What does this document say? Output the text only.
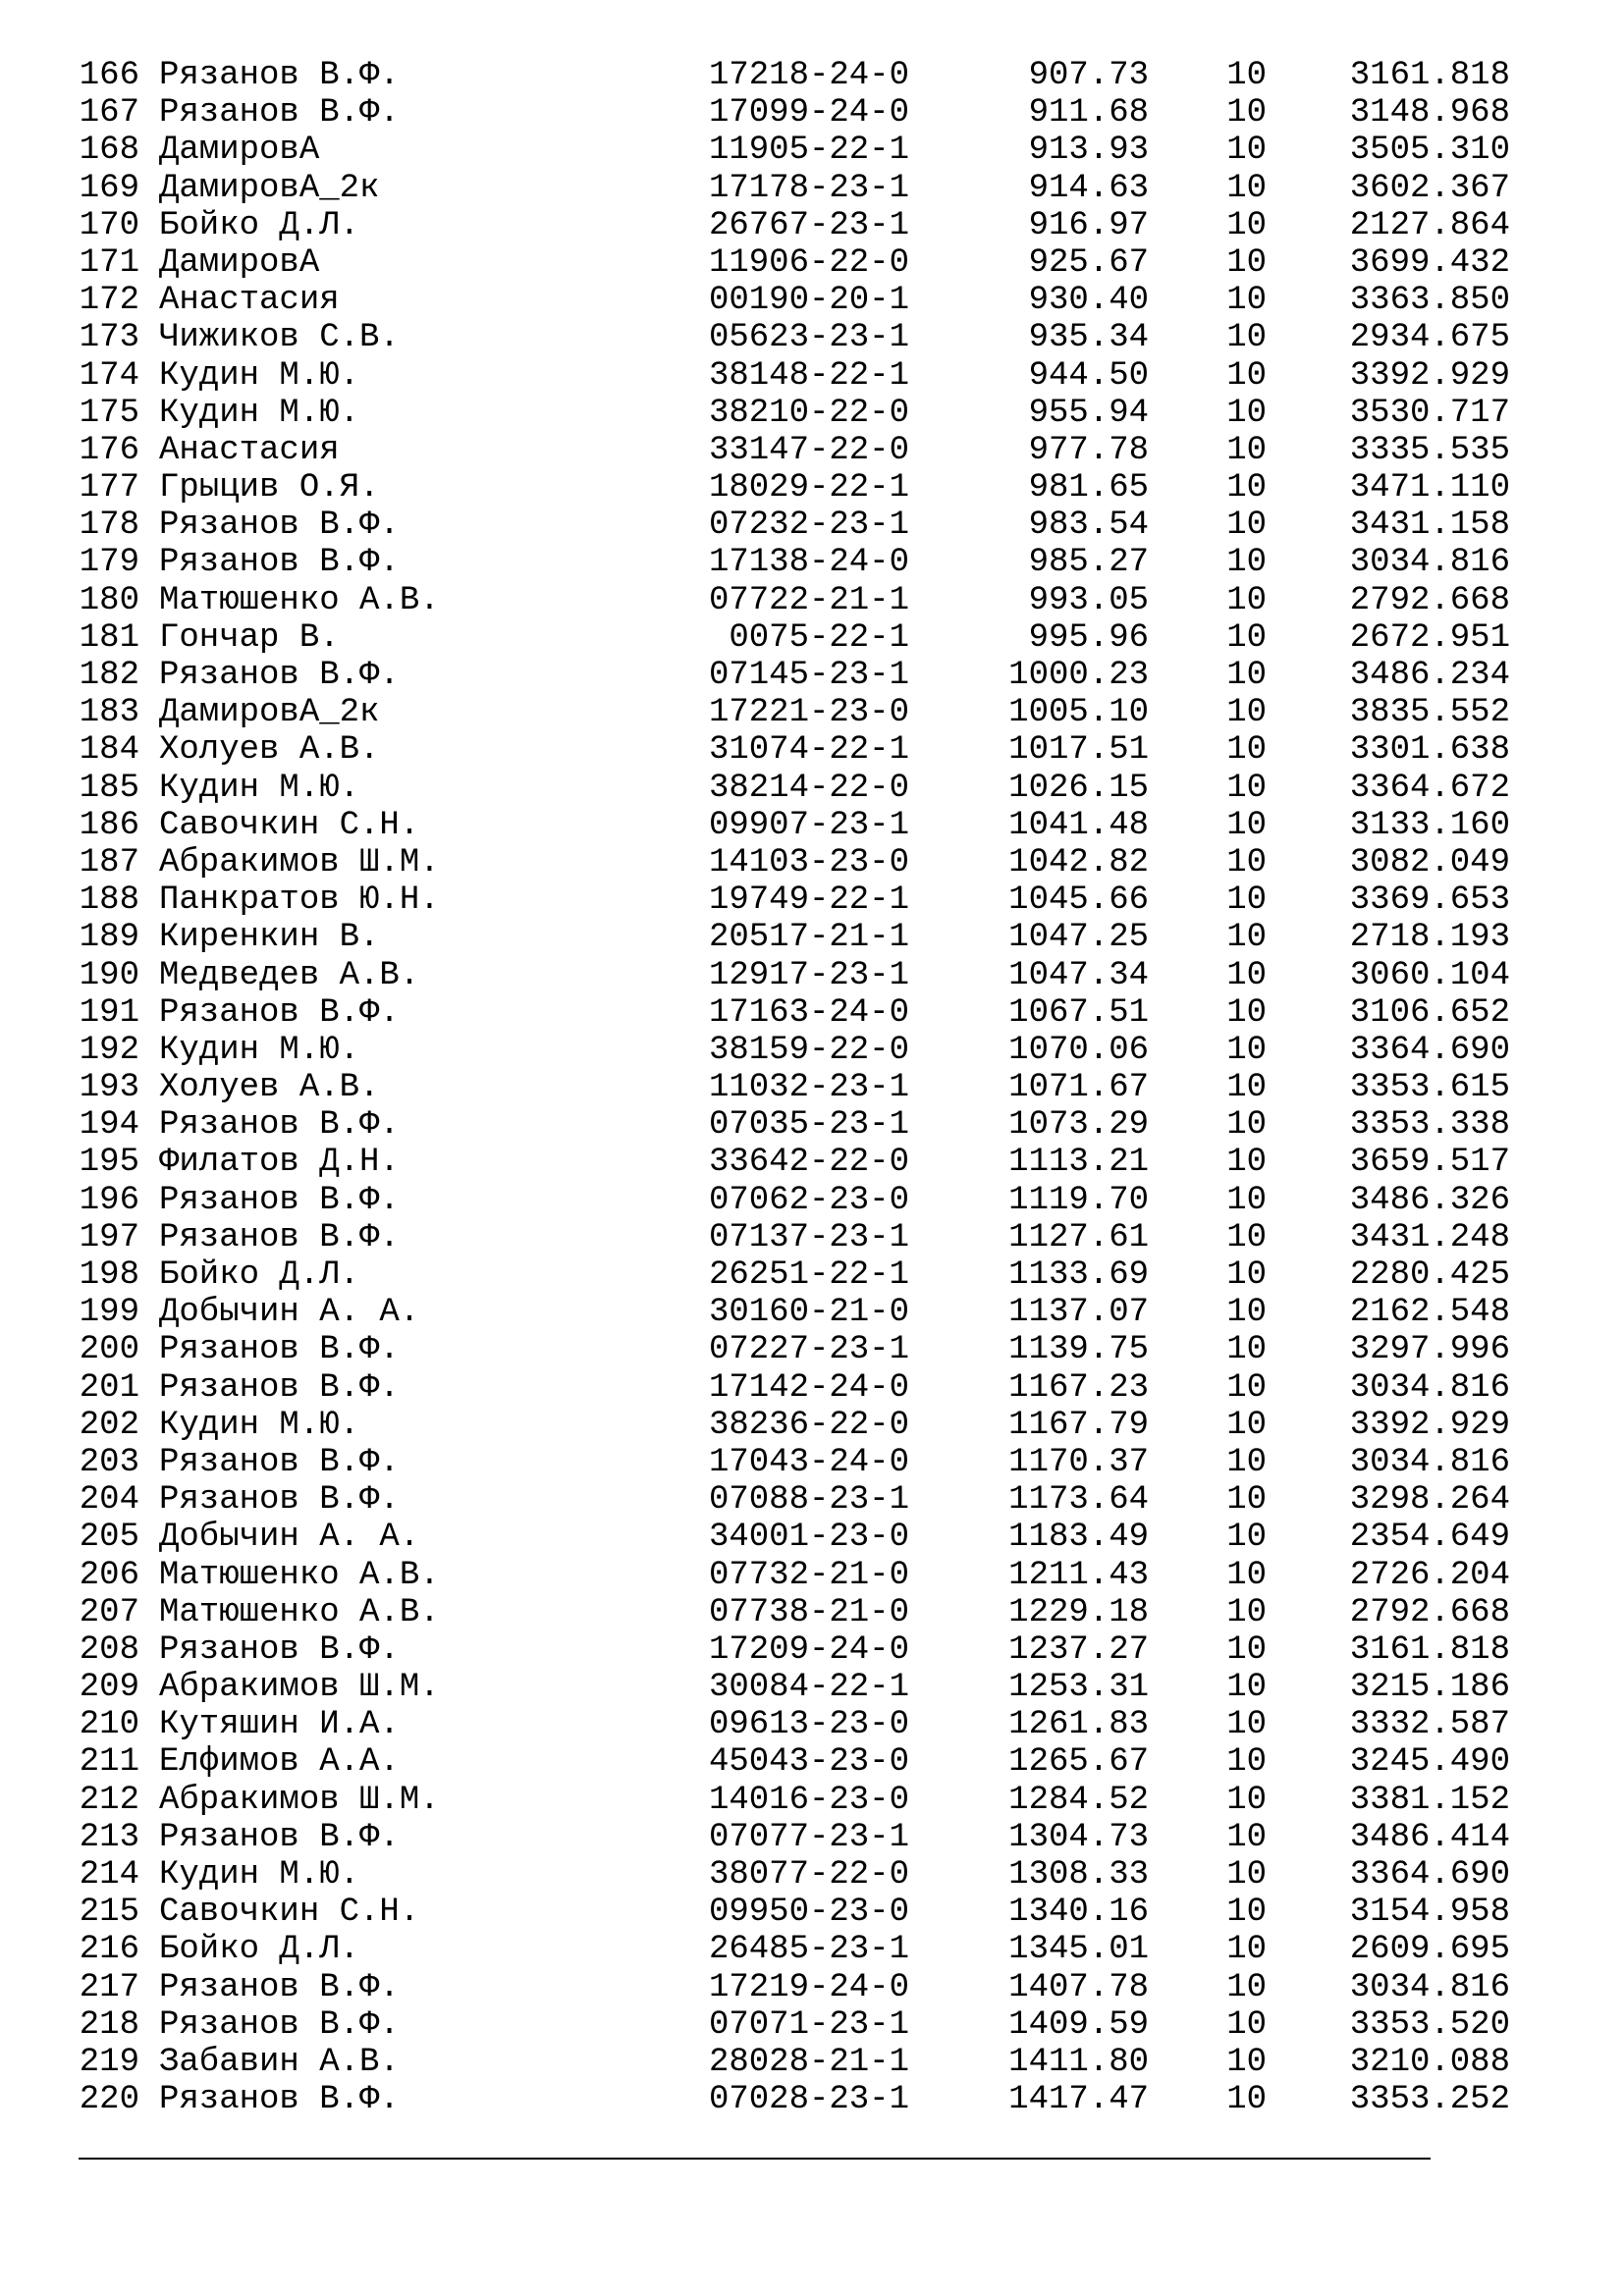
166 Рязанов В.Ф.	17218-24-0	907.73	10	3161.818
167 Рязанов В.Ф.	17099-24-0	911.68	10	3148.968
168 ДамировА	11905-22-1	913.93	10	3505.310
169 ДамировА_2к	17178-23-1	914.63	10	3602.367
170 Бойко Д.Л.	26767-23-1	916.97	10	2127.864
171 ДамировА	11906-22-0	925.67	10	3699.432
172 Анастасия	00190-20-1	930.40	10	3363.850
173 Чижиков С.В.	05623-23-1	935.34	10	2934.675
174 Кудин М.Ю.	38148-22-1	944.50	10	3392.929
175 Кудин М.Ю.	38210-22-0	955.94	10	3530.717
176 Анастасия	33147-22-0	977.78	10	3335.535
177 Грыцив О.Я.	18029-22-1	981.65	10	3471.110
178 Рязанов В.Ф.	07232-23-1	983.54	10	3431.158
179 Рязанов В.Ф.	17138-24-0	985.27	10	3034.816
180 Матюшенко А.В.	07722-21-1	993.05	10	2792.668
181 Гончар В.	0075-22-1	995.96	10	2672.951
182 Рязанов В.Ф.	07145-23-1	1000.23	10	3486.234
183 ДамировА_2к	17221-23-0	1005.10	10	3835.552
184 Холуев А.В.	31074-22-1	1017.51	10	3301.638
185 Кудин М.Ю.	38214-22-0	1026.15	10	3364.672
186 Савочкин С.Н.	09907-23-1	1041.48	10	3133.160
187 Абракимов Ш.М.	14103-23-0	1042.82	10	3082.049
188 Панкратов Ю.Н.	19749-22-1	1045.66	10	3369.653
189 Киренкин В.	20517-21-1	1047.25	10	2718.193
190 Медведев А.В.	12917-23-1	1047.34	10	3060.104
191 Рязанов В.Ф.	17163-24-0	1067.51	10	3106.652
192 Кудин М.Ю.	38159-22-0	1070.06	10	3364.690
193 Холуев А.В.	11032-23-1	1071.67	10	3353.615
194 Рязанов В.Ф.	07035-23-1	1073.29	10	3353.338
195 Филатов Д.Н.	33642-22-0	1113.21	10	3659.517
196 Рязанов В.Ф.	07062-23-0	1119.70	10	3486.326
197 Рязанов В.Ф.	07137-23-1	1127.61	10	3431.248
198 Бойко Д.Л.	26251-22-1	1133.69	10	2280.425
199 Добычин А. А.	30160-21-0	1137.07	10	2162.548
200 Рязанов В.Ф.	07227-23-1	1139.75	10	3297.996
201 Рязанов В.Ф.	17142-24-0	1167.23	10	3034.816
202 Кудин М.Ю.	38236-22-0	1167.79	10	3392.929
203 Рязанов В.Ф.	17043-24-0	1170.37	10	3034.816
204 Рязанов В.Ф.	07088-23-1	1173.64	10	3298.264
205 Добычин А. А.	34001-23-0	1183.49	10	2354.649
206 Матюшенко А.В.	07732-21-0	1211.43	10	2726.204
207 Матюшенко А.В.	07738-21-0	1229.18	10	2792.668
208 Рязанов В.Ф.	17209-24-0	1237.27	10	3161.818
209 Абракимов Ш.М.	30084-22-1	1253.31	10	3215.186
210 Кутяшин И.А.	09613-23-0	1261.83	10	3332.587
211 Елфимов А.А.	45043-23-0	1265.67	10	3245.490
212 Абракимов Ш.М.	14016-23-0	1284.52	10	3381.152
213 Рязанов В.Ф.	07077-23-1	1304.73	10	3486.414
214 Кудин М.Ю.	38077-22-0	1308.33	10	3364.690
215 Савочкин С.Н.	09950-23-0	1340.16	10	3154.958
216 Бойко Д.Л.	26485-23-1	1345.01	10	2609.695
217 Рязанов В.Ф.	17219-24-0	1407.78	10	3034.816
218 Рязанов В.Ф.	07071-23-1	1409.59	10	3353.520
219 Забавин А.В.	28028-21-1	1411.80	10	3210.088
220 Рязанов В.Ф.	07028-23-1	1417.47	10	3353.252
